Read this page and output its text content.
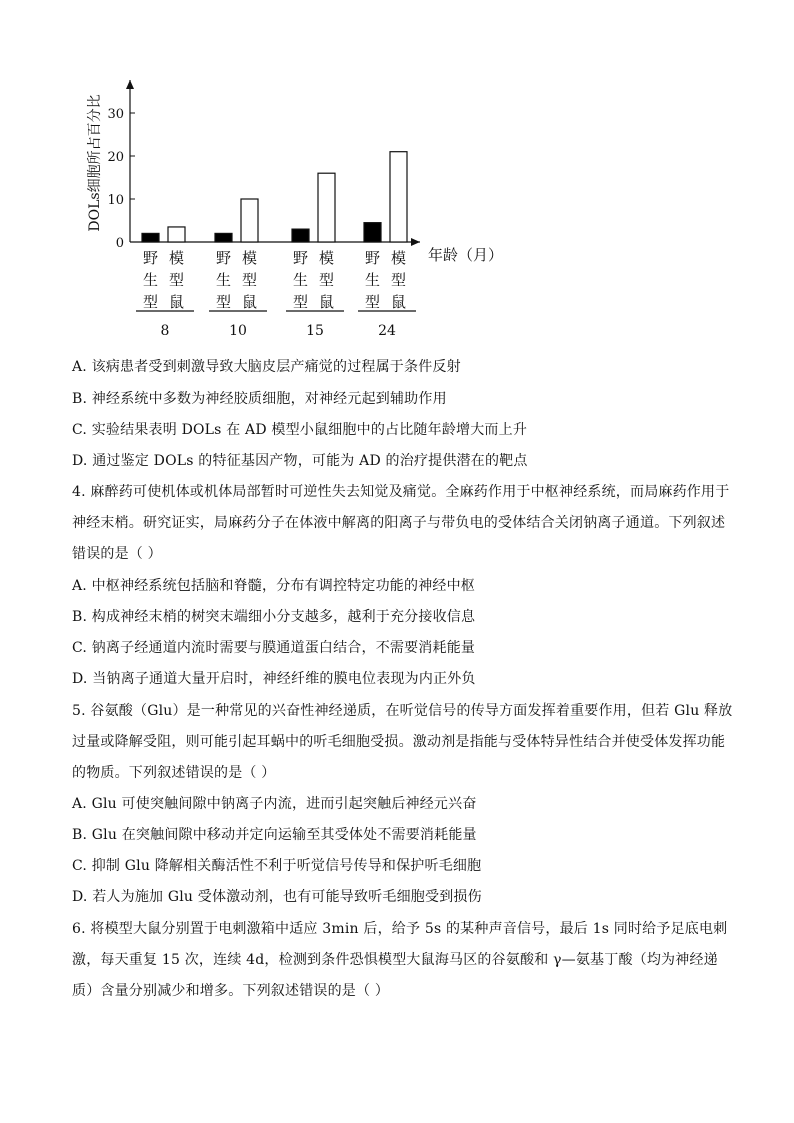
0
10
20
30
DOLs细胞所占百分比
年龄（月）
野
生
型
模
型
鼠
8
野
生
型
模
型
鼠
10
野
生
型
模
型
鼠
15
野
生
型
模
型
鼠
24
A. 该病患者受到刺激导致大脑皮层产痛觉的过程属于条件反射
B. 神经系统中多数为神经胶质细胞，对神经元起到辅助作用
C. 实验结果表明 DOLs 在 AD 模型小鼠细胞中的占比随年龄增大而上升
D. 通过鉴定 DOLs 的特征基因产物，可能为 AD 的治疗提供潜在的靶点
4. 麻醉药可使机体或机体局部暂时可逆性失去知觉及痛觉。全麻药作用于中枢神经系统，而局麻药作用于
神经末梢。研究证实，局麻药分子在体液中解离的阳离子与带负电的受体结合关闭钠离子通道。下列叙述
错误的是（ ）
A. 中枢神经系统包括脑和脊髓，分布有调控特定功能的神经中枢
B. 构成神经末梢的树突末端细小分支越多，越利于充分接收信息
C. 钠离子经通道内流时需要与膜通道蛋白结合，不需要消耗能量
D. 当钠离子通道大量开启时，神经纤维的膜电位表现为内正外负
5. 谷氨酸（Glu）是一种常见的兴奋性神经递质，在听觉信号的传导方面发挥着重要作用，但若 Glu 释放
过量或降解受阻，则可能引起耳蜗中的听毛细胞受损。激动剂是指能与受体特异性结合并使受体发挥功能
的物质。下列叙述错误的是（ ）
A. Glu 可使突触间隙中钠离子内流，进而引起突触后神经元兴奋
B. Glu 在突触间隙中移动并定向运输至其受体处不需要消耗能量
C. 抑制 Glu 降解相关酶活性不利于听觉信号传导和保护听毛细胞
D. 若人为施加 Glu 受体激动剂，也有可能导致听毛细胞受到损伤
6. 将模型大鼠分别置于电刺激箱中适应 3min 后，给予 5s 的某种声音信号，最后 1s 同时给予足底电刺
激，每天重复 15 次，连续 4d，检测到条件恐惧模型大鼠海马区的谷氨酸和 γ—氨基丁酸（均为神经递
质）含量分别减少和增多。下列叙述错误的是（ ）
